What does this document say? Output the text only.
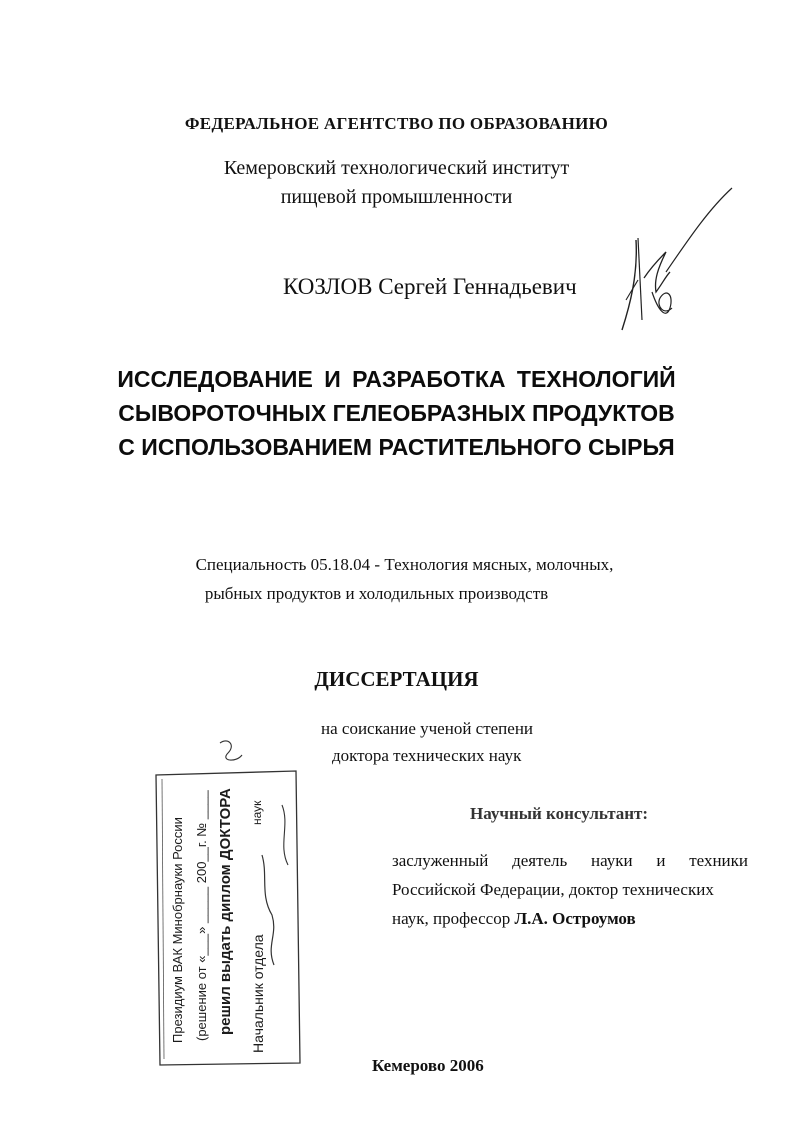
ФЕДЕРАЛЬНОЕ АГЕНТСТВО ПО ОБРАЗОВАНИЮ
Кемеровский технологический институт
пищевой промышленности
КОЗЛОВ Сергей Геннадьевич
ИССЛЕДОВАНИЕ И РАЗРАБОТКА ТЕХНОЛОГИЙ
СЫВОРОТОЧНЫХ ГЕЛЕОБРАЗНЫХ ПРОДУКТОВ
С ИСПОЛЬЗОВАНИЕМ РАСТИТЕЛЬНОГО СЫРЬЯ
Специальность 05.18.04 - Технология мясных, молочных,
рыбных продуктов и холодильных производств
ДИССЕРТАЦИЯ
на соискание ученой степени
доктора технических наук
Научный консультант:
заслуженный деятель науки и техники
Российской Федерации, доктор технических
наук, профессор Л.А. Остроумов
Президиум ВАК Минобрнауки России (решение от «___» _____ 200__г. № ____ решил выдать диплом ДОКТОРА наук
Начальник отдела
Кемерово 2006
